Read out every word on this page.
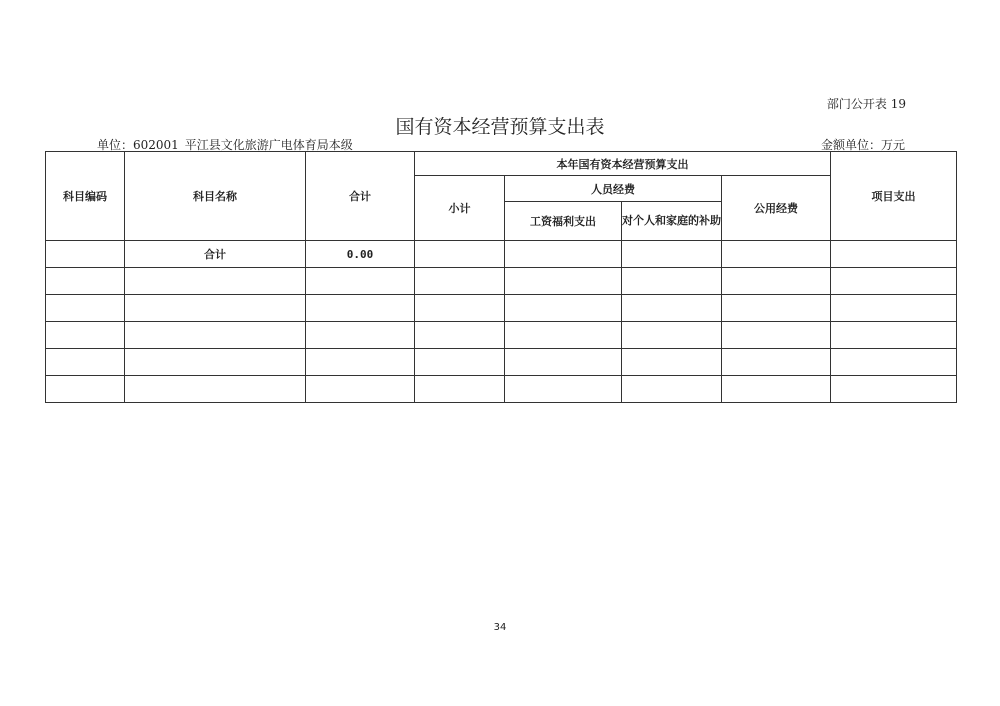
部门公开表 19
国有资本经营预算支出表
单位：602001_平江县文化旅游广电体育局本级	金额单位：万元
科目编码	科目名称	合计	本年国有资本经营预算支出				项目支出
			小计	人员经费		公用经费	
				工资福利支出	对个人和家庭的补助		
	合计	0.00					

34
